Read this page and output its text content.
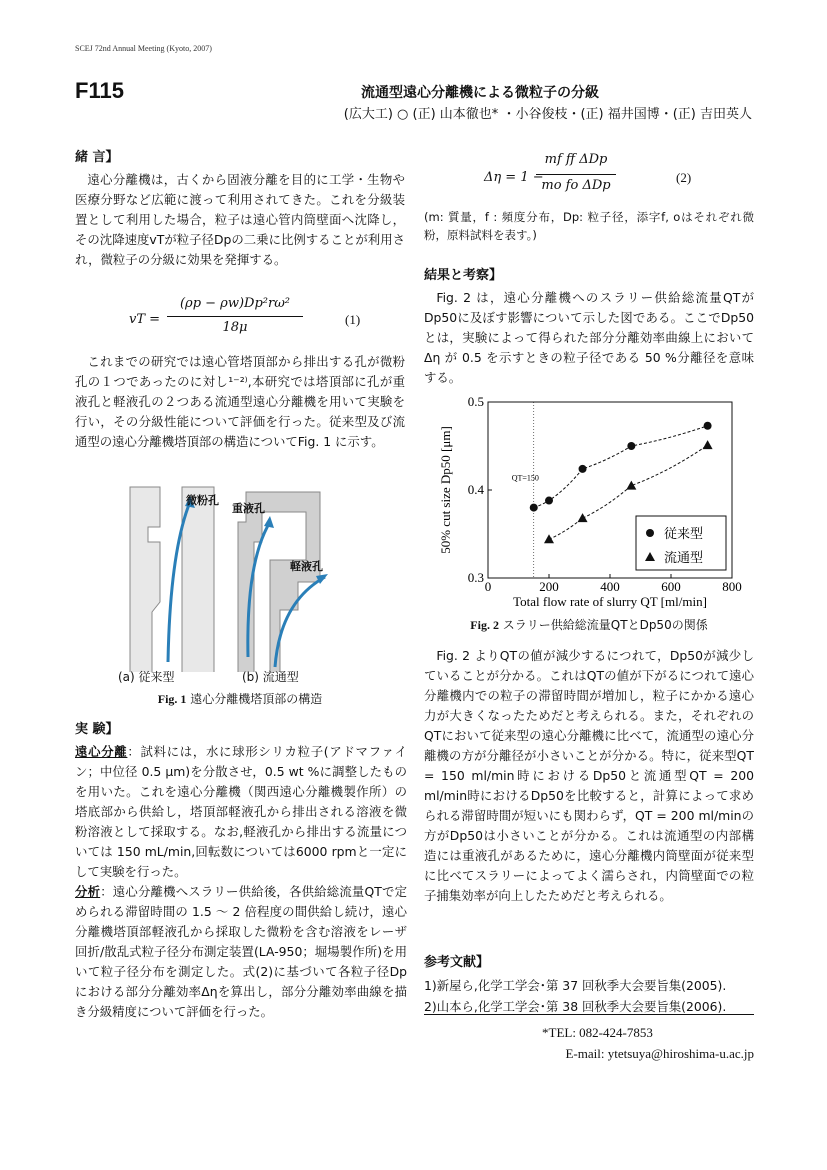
SCEJ 72nd Annual Meeting (Kyoto, 2007)
F115	流通型遠心分離機による微粒子の分級
(広大工) ○ (正) 山本徹也* ・小谷俊枝・(正) 福井国博・(正) 吉田英人
緒 言】

遠心分離機は，古くから固液分離を目的に工学・生物や医療分野など広範に渡って利用されてきた。これを分級装置として利用した場合，粒子は遠心管内筒壁面へ沈降し，その沈降速度vTが粒子径Dpの二乗に比例することが利用され，微粒子の分級に効果を発揮する。

vT =
(ρp − ρw)Dp²rω²
18μ
(1)

これまでの研究では遠心管塔頂部から排出する孔が微粉孔の１つであったのに対し¹⁻²⁾,本研究では塔頂部に孔が重液孔と軽液孔の２つある流通型遠心分離機を用いて実験を行い，その分級性能について評価を行った。従来型及び流通型の遠心分離機塔頂部の構造についてFig. 1 に示す。

微粉孔
重液孔
軽液孔
(a) 従来型	(b) 流通型
Fig. 1 遠心分離機塔頂部の構造
実 験】

遠心分離：試料には，水に球形シリカ粒子(アドマファイン；中位径 0.5 μm)を分散させ，0.5 wt %に調整したものを用いた。これを遠心分離機（関西遠心分離機製作所）の塔底部から供給し，塔頂部軽液孔から排出される溶液を微粉溶液として採取する。なお,軽液孔から排出する流量については 150 mL/min,回転数については6000 rpmと一定にして実験を行った。

分析：遠心分離機へスラリー供給後，各供給総流量QTで定められる滞留時間の 1.5 ～ 2 倍程度の間供給し続け，遠心分離機塔頂部軽液孔から採取した微粉を含む溶液をレーザ回折/散乱式粒子径分布測定装置(LA-950；堀場製作所)を用いて粒子径分布を測定した。式(2)に基づいて各粒子径Dpにおける部分分離効率Δηを算出し，部分分離効率曲線を描き分級精度について評価を行った。

Δη = 1 −
mf ff ΔDp
mo fo ΔDp
(2)
(m: 質量，f : 頻度分布，Dp: 粒子径，添字f, oはそれぞれ微粉，原料試料を表す。)
結果と考察】

Fig. 2 は，遠心分離機へのスラリー供給総流量QTがDp50に及ぼす影響について示した図である。ここでDp50とは，実験によって得られた部分分離効率曲線上においてΔη が 0.5 を示すときの粒子径である 50 %分離径を意味する。

QT=150
0	200	400	600	800
0.3
0.4
0.5
Total flow rate of slurry QT [ml/min]
50% cut size Dp50 [μm]	従来型
流通型
Fig. 2 スラリー供給総流量QTとDp50の関係

Fig. 2 よりQTの値が減少するにつれて，Dp50が減少していることが分かる。これはQTの値が下がるにつれて遠心分離機内での粒子の滞留時間が増加し，粒子にかかる遠心力が大きくなったためだと考えられる。また，それぞれのQTにおいて従来型の遠心分離機に比べて，流通型の遠心分離機の方が分離径が小さいことが分かる。特に，従来型QT = 150 ml/min時におけるDp50と流通型QT = 200 ml/min時におけるDp50を比較すると，計算によって求められる滞留時間が短いにも関わらず，QT = 200 ml/minの方がDp50は小さいことが分かる。これは流通型の内部構造には重液孔があるために，遠心分離機内筒壁面が従来型に比べてスラリーによってよく濡らされ，内筒壁面での粒子捕集効率が向上したためだと考えられる。

参考文献】
1)新屋ら,化学工学会･第 37 回秋季大会要旨集(2005).
2)山本ら,化学工学会･第 38 回秋季大会要旨集(2006).
*TEL: 082-424-7853
E-mail: ytetsuya@hiroshima-u.ac.jp
